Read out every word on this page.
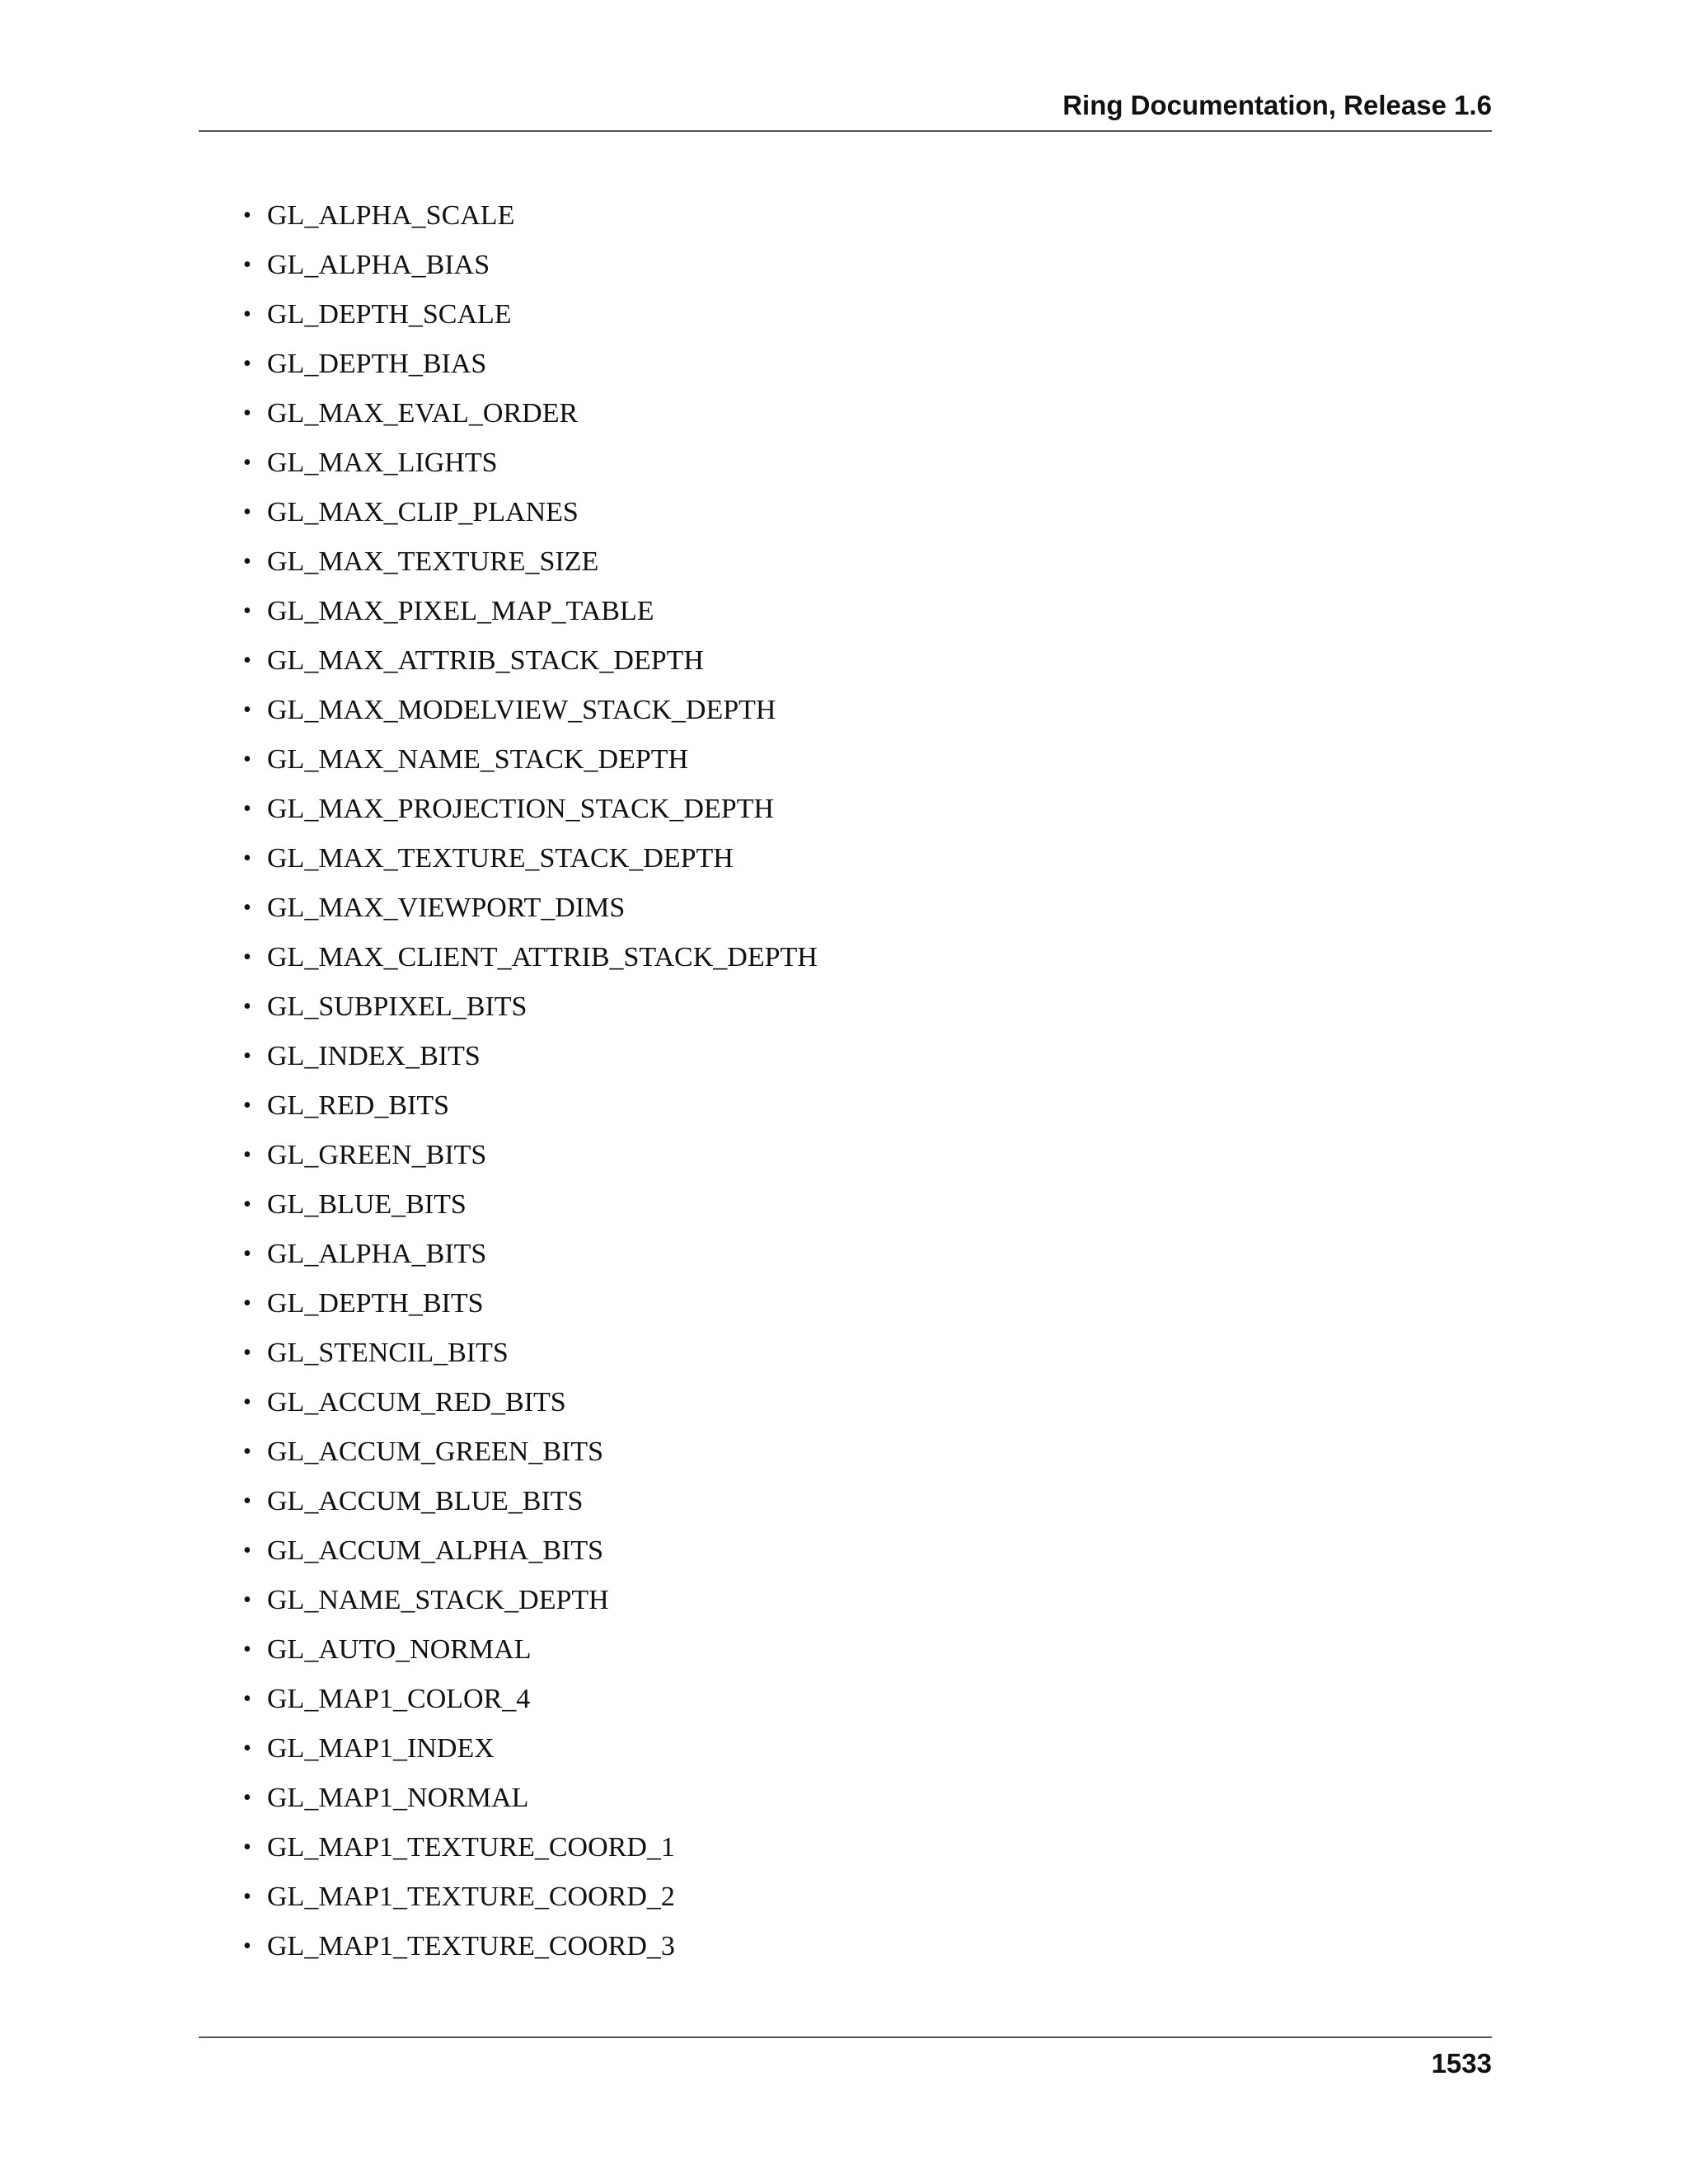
Ring Documentation, Release 1.6
• GL_ALPHA_SCALE
• GL_ALPHA_BIAS
• GL_DEPTH_SCALE
• GL_DEPTH_BIAS
• GL_MAX_EVAL_ORDER
• GL_MAX_LIGHTS
• GL_MAX_CLIP_PLANES
• GL_MAX_TEXTURE_SIZE
• GL_MAX_PIXEL_MAP_TABLE
• GL_MAX_ATTRIB_STACK_DEPTH
• GL_MAX_MODELVIEW_STACK_DEPTH
• GL_MAX_NAME_STACK_DEPTH
• GL_MAX_PROJECTION_STACK_DEPTH
• GL_MAX_TEXTURE_STACK_DEPTH
• GL_MAX_VIEWPORT_DIMS
• GL_MAX_CLIENT_ATTRIB_STACK_DEPTH
• GL_SUBPIXEL_BITS
• GL_INDEX_BITS
• GL_RED_BITS
• GL_GREEN_BITS
• GL_BLUE_BITS
• GL_ALPHA_BITS
• GL_DEPTH_BITS
• GL_STENCIL_BITS
• GL_ACCUM_RED_BITS
• GL_ACCUM_GREEN_BITS
• GL_ACCUM_BLUE_BITS
• GL_ACCUM_ALPHA_BITS
• GL_NAME_STACK_DEPTH
• GL_AUTO_NORMAL
• GL_MAP1_COLOR_4
• GL_MAP1_INDEX
• GL_MAP1_NORMAL
• GL_MAP1_TEXTURE_COORD_1
• GL_MAP1_TEXTURE_COORD_2
• GL_MAP1_TEXTURE_COORD_3
1533
